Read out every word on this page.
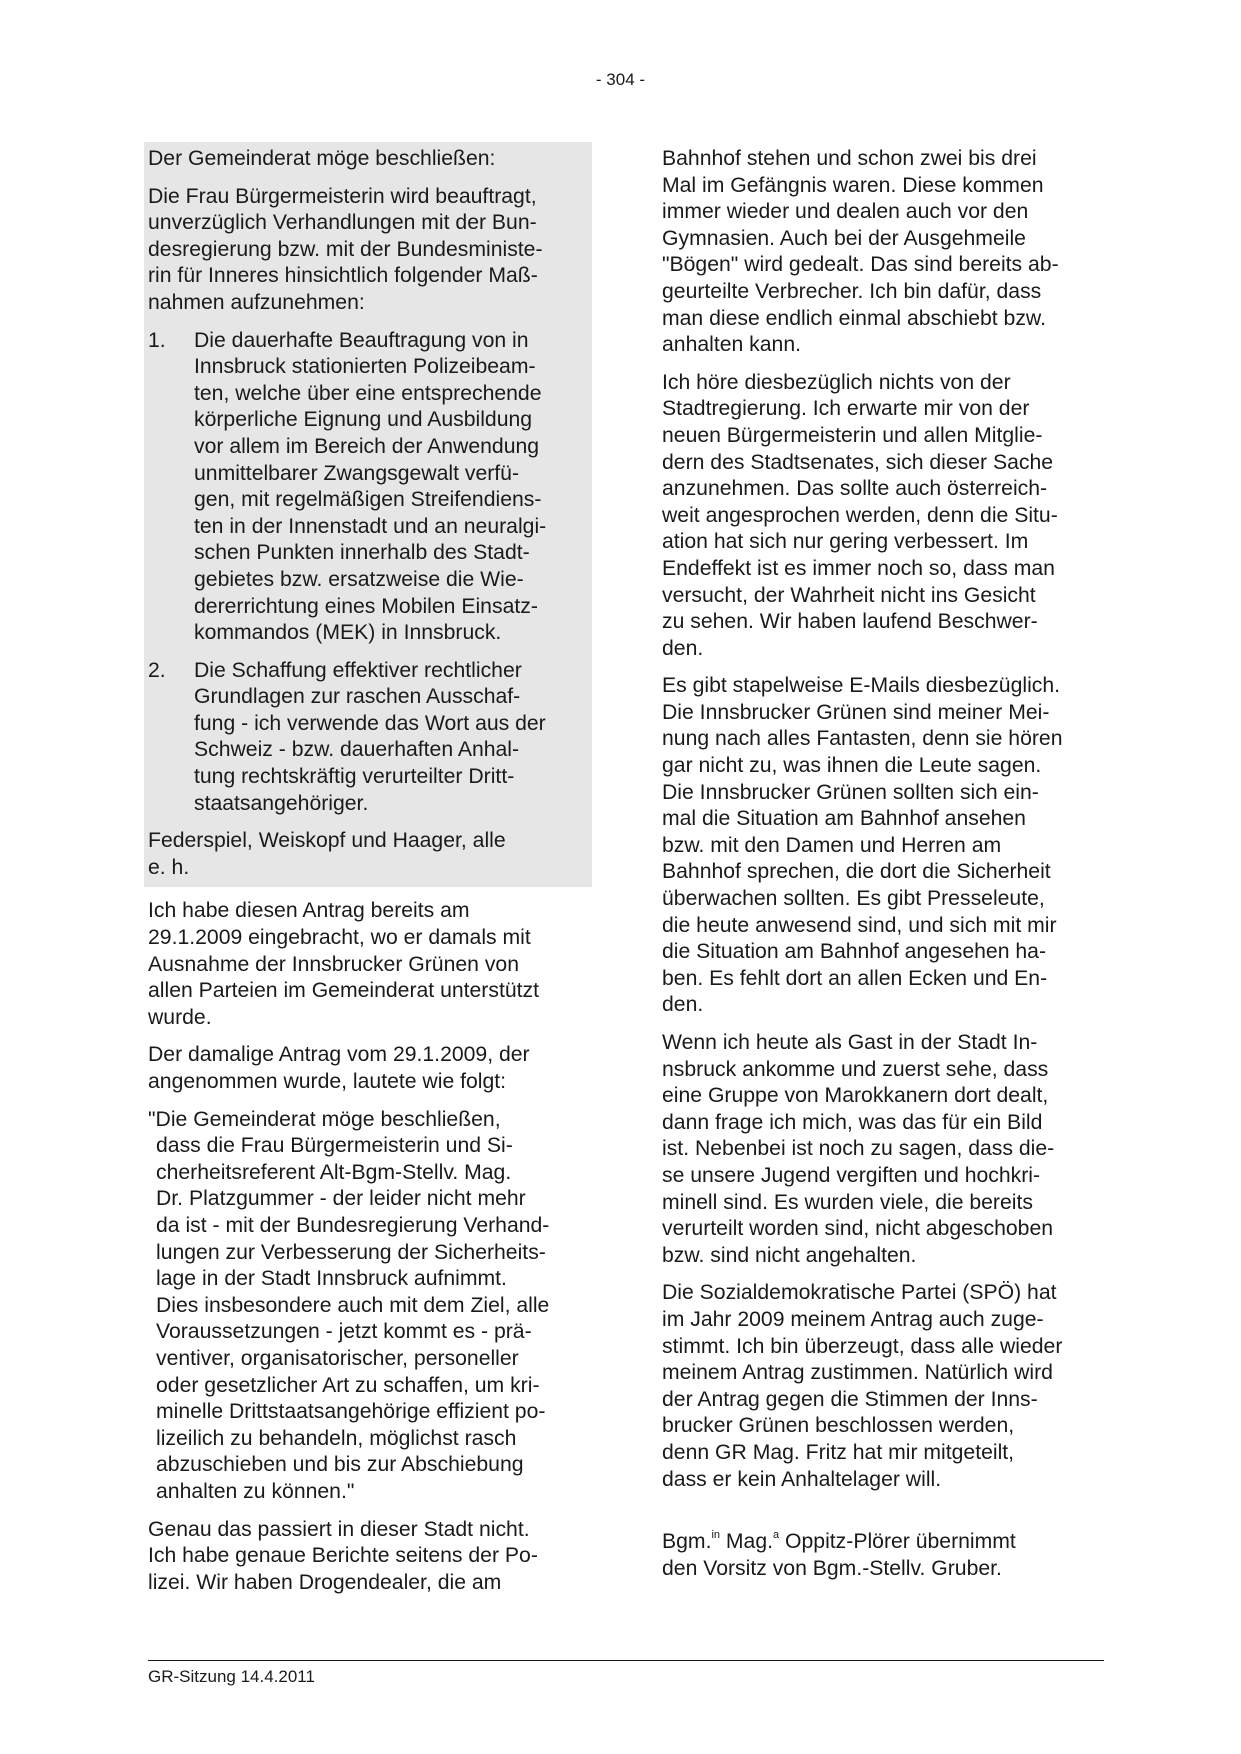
- 304 -

Der Gemeinderat möge beschließen:

Die Frau Bürgermeisterin wird beauftragt,
unverzüglich Verhandlungen mit der Bun-
desregierung bzw. mit der Bundesministe-
rin für Inneres hinsichtlich folgender Maß-
nahmen aufzunehmen:

1. Die dauerhafte Beauftragung von in
Innsbruck stationierten Polizeibeam-
ten, welche über eine entsprechende
körperliche Eignung und Ausbildung
vor allem im Bereich der Anwendung
unmittelbarer Zwangsgewalt verfü-
gen, mit regelmäßigen Streifendiens-
ten in der Innenstadt und an neuralgi-
schen Punkten innerhalb des Stadt-
gebietes bzw. ersatzweise die Wie-
dererrichtung eines Mobilen Einsatz-
kommandos (MEK) in Innsbruck.
2. Die Schaffung effektiver rechtlicher
Grundlagen zur raschen Ausschaf-
fung - ich verwende das Wort aus der
Schweiz - bzw. dauerhaften Anhal-
tung rechtskräftig verurteilter Dritt-
staatsangehöriger.

Federspiel, Weiskopf und Haager, alle
e. h.

Ich habe diesen Antrag bereits am
29.1.2009 eingebracht, wo er damals mit
Ausnahme der Innsbrucker Grünen von
allen Parteien im Gemeinderat unterstützt
wurde.

Der damalige Antrag vom 29.1.2009, der
angenommen wurde, lautete wie folgt:

"Die Gemeinderat möge beschließen,
dass die Frau Bürgermeisterin und Si-
cherheitsreferent Alt-Bgm-Stellv. Mag.
Dr. Platzgummer - der leider nicht mehr
da ist - mit der Bundesregierung Verhand-
lungen zur Verbesserung der Sicherheits-
lage in der Stadt Innsbruck aufnimmt.
Dies insbesondere auch mit dem Ziel, alle
Voraussetzungen - jetzt kommt es - prä-
ventiver, organisatorischer, personeller
oder gesetzlicher Art zu schaffen, um kri-
minelle Drittstaatsangehörige effizient po-
lizeilich zu behandeln, möglichst rasch
abzuschieben und bis zur Abschiebung
anhalten zu können."

Genau das passiert in dieser Stadt nicht.
Ich habe genaue Berichte seitens der Po-
lizei. Wir haben Drogendealer, die am

Bahnhof stehen und schon zwei bis drei
Mal im Gefängnis waren. Diese kommen
immer wieder und dealen auch vor den
Gymnasien. Auch bei der Ausgehmeile
"Bögen" wird gedealt. Das sind bereits ab-
geurteilte Verbrecher. Ich bin dafür, dass
man diese endlich einmal abschiebt bzw.
anhalten kann.

Ich höre diesbezüglich nichts von der
Stadtregierung. Ich erwarte mir von der
neuen Bürgermeisterin und allen Mitglie-
dern des Stadtsenates, sich dieser Sache
anzunehmen. Das sollte auch österreich-
weit angesprochen werden, denn die Situ-
ation hat sich nur gering verbessert. Im
Endeffekt ist es immer noch so, dass man
versucht, der Wahrheit nicht ins Gesicht
zu sehen. Wir haben laufend Beschwer-
den.

Es gibt stapelweise E-Mails diesbezüglich.
Die Innsbrucker Grünen sind meiner Mei-
nung nach alles Fantasten, denn sie hören
gar nicht zu, was ihnen die Leute sagen.
Die Innsbrucker Grünen sollten sich ein-
mal die Situation am Bahnhof ansehen
bzw. mit den Damen und Herren am
Bahnhof sprechen, die dort die Sicherheit
überwachen sollten. Es gibt Presseleute,
die heute anwesend sind, und sich mit mir
die Situation am Bahnhof angesehen ha-
ben. Es fehlt dort an allen Ecken und En-
den.

Wenn ich heute als Gast in der Stadt In-
nsbruck ankomme und zuerst sehe, dass
eine Gruppe von Marokkanern dort dealt,
dann frage ich mich, was das für ein Bild
ist. Nebenbei ist noch zu sagen, dass die-
se unsere Jugend vergiften und hochkri-
minell sind. Es wurden viele, die bereits
verurteilt worden sind, nicht abgeschoben
bzw. sind nicht angehalten.

Die Sozialdemokratische Partei (SPÖ) hat
im Jahr 2009 meinem Antrag auch zuge-
stimmt. Ich bin überzeugt, dass alle wieder
meinem Antrag zustimmen. Natürlich wird
der Antrag gegen die Stimmen der Inns-
brucker Grünen beschlossen werden,
denn GR Mag. Fritz hat mir mitgeteilt,
dass er kein Anhaltelager will.

Bgm.$^{in}$ Mag.$^a$ Oppitz-Plörer übernimmt
den Vorsitz von Bgm.-Stellv. Gruber.

GR-Sitzung 14.4.2011
